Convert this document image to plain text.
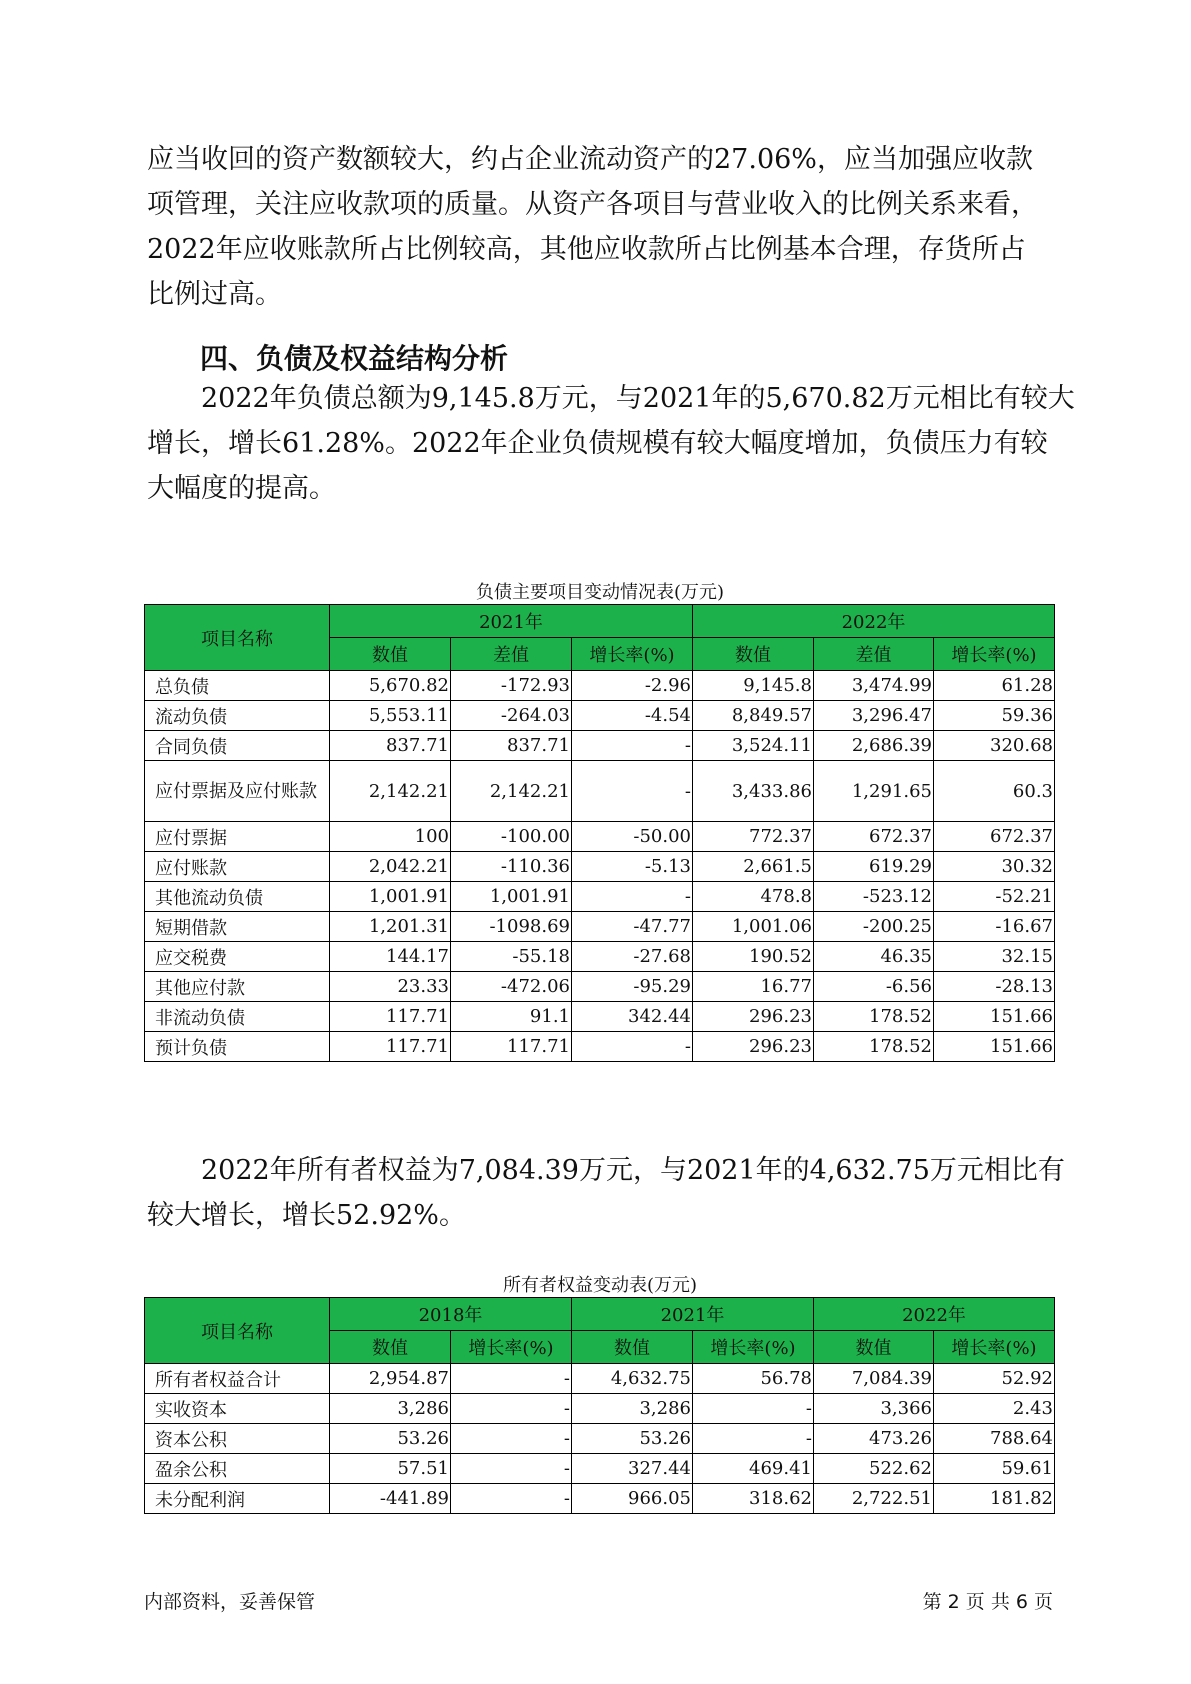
应当收回的资产数额较大，约占企业流动资产的27.06%，应当加强应收款
项管理，关注应收款项的质量。从资产各项目与营业收入的比例关系来看，
2022年应收账款所占比例较高，其他应收款所占比例基本合理，存货所占
比例过高。

四、负债及权益结构分析

　　2022年负债总额为9,145.8万元，与2021年的5,670.82万元相比有较大
增长，增长61.28%。2022年企业负债规模有较大幅度增加，负债压力有较
大幅度的提高。

负债主要项目变动情况表(万元)

项目名称	2021年			2022年		
	数值	差值	增长率(%)	数值	差值	增长率(%)
总负债	5,670.82	-172.93	-2.96	9,145.8	3,474.99	61.28
流动负债	5,553.11	-264.03	-4.54	8,849.57	3,296.47	59.36
合同负债	837.71	837.71	-	3,524.11	2,686.39	320.68
应付票据及应付账款	2,142.21	2,142.21	-	3,433.86	1,291.65	60.3
应付票据	100	-100.00	-50.00	772.37	672.37	672.37
应付账款	2,042.21	-110.36	-5.13	2,661.5	619.29	30.32
其他流动负债	1,001.91	1,001.91	-	478.8	-523.12	-52.21
短期借款	1,201.31	-1098.69	-47.77	1,001.06	-200.25	-16.67
应交税费	144.17	-55.18	-27.68	190.52	46.35	32.15
其他应付款	23.33	-472.06	-95.29	16.77	-6.56	-28.13
非流动负债	117.71	91.1	342.44	296.23	178.52	151.66
预计负债	117.71	117.71	-	296.23	178.52	151.66

　　2022年所有者权益为7,084.39万元，与2021年的4,632.75万元相比有
较大增长，增长52.92%。

所有者权益变动表(万元)

项目名称	2018年		2021年		2022年	
	数值	增长率(%)	数值	增长率(%)	数值	增长率(%)
所有者权益合计	2,954.87	-	4,632.75	56.78	7,084.39	52.92
实收资本	3,286	-	3,286	-	3,366	2.43
资本公积	53.26	-	53.26	-	473.26	788.64
盈余公积	57.51	-	327.44	469.41	522.62	59.61
未分配利润	-441.89	-	966.05	318.62	2,722.51	181.82
内部资料，妥善保管	第 2 页 共 6 页
